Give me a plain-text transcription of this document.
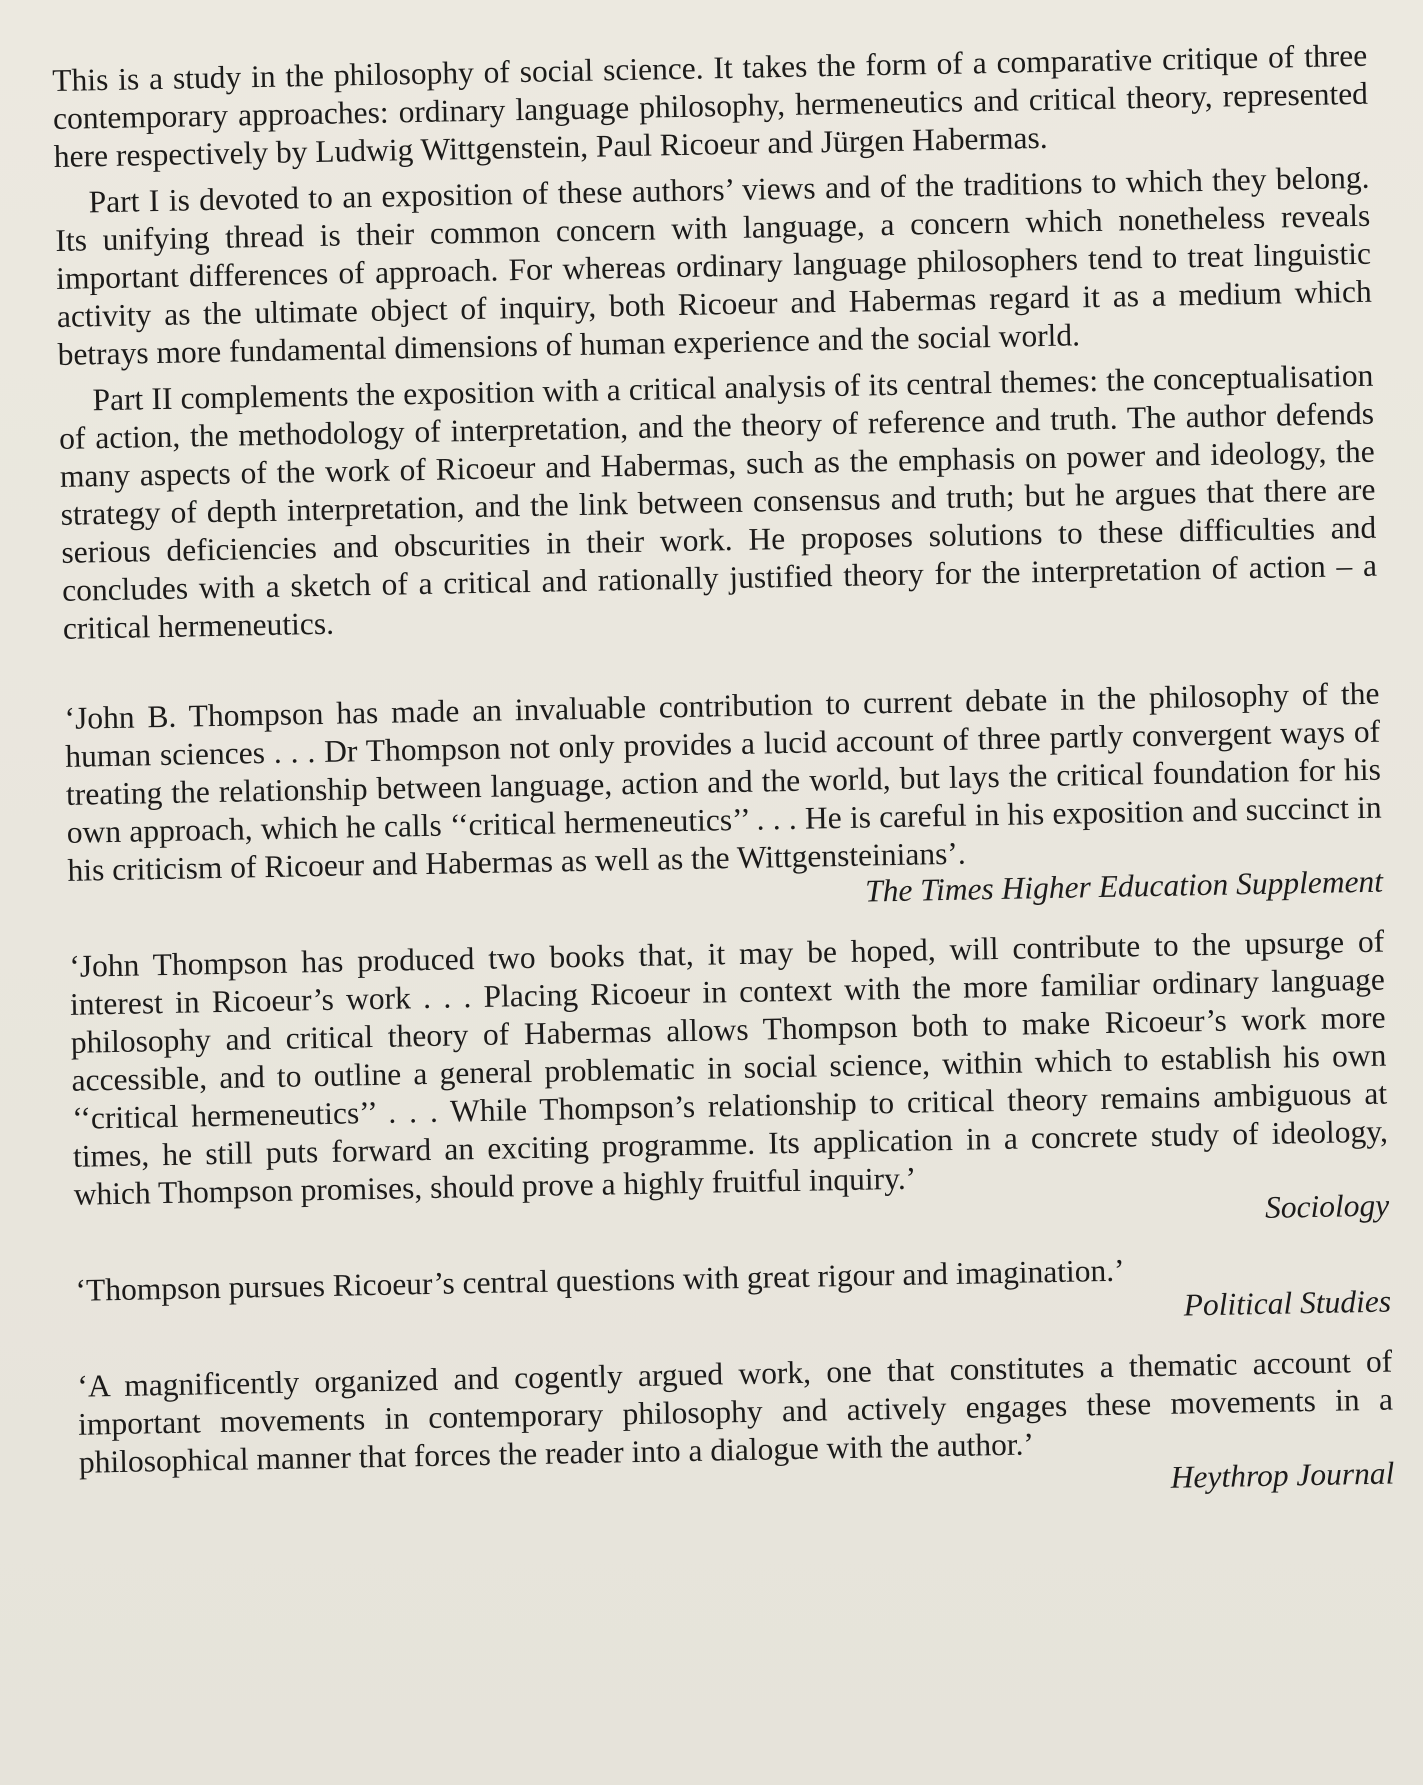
This is a study in the philosophy of social science. It takes the form of a comparative critique of three contemporary approaches: ordinary language philosophy, hermeneutics and critical theory, represented here respectively by Ludwig Wittgenstein, Paul Ricoeur and Jürgen Habermas.

Part I is devoted to an exposition of these authors’ views and of the traditions to which they belong. Its unifying thread is their common concern with language, a concern which nonetheless reveals important differences of approach. For whereas ordinary language philosophers tend to treat linguistic activity as the ultimate object of inquiry, both Ricoeur and Habermas regard it as a medium which betrays more fundamental dimensions of human experience and the social world.

Part II complements the exposition with a critical analysis of its central themes: the conceptualisation of action, the methodology of interpretation, and the theory of reference and truth. The author defends many aspects of the work of Ricoeur and Habermas, such as the emphasis on power and ideology, the strategy of depth interpretation, and the link between consensus and truth; but he argues that there are serious deficiencies and obscurities in their work. He proposes solutions to these difficulties and concludes with a sketch of a critical and rationally justified theory for the interpretation of action – a critical hermeneutics.

‘John B. Thompson has made an invaluable contribution to current debate in the philosophy of the human sciences . . . Dr Thompson not only provides a lucid account of three partly convergent ways of treating the relationship between language, action and the world, but lays the critical foundation for his own approach, which he calls ‘‘critical hermeneutics’’ . . . He is careful in his exposition and succinct in his criticism of Ricoeur and Habermas as well as the Wittgensteinians’.

The Times Higher Education Supplement

‘John Thompson has produced two books that, it may be hoped, will contribute to the upsurge of interest in Ricoeur’s work . . . Placing Ricoeur in context with the more familiar ordinary language philosophy and critical theory of Habermas allows Thompson both to make Ricoeur’s work more accessible, and to outline a general problematic in social science, within which to establish his own ‘‘critical hermeneutics’’ . . . While Thompson’s relationship to critical theory remains ambiguous at times, he still puts forward an exciting programme. Its application in a concrete study of ideology, which Thompson promises, should prove a highly fruitful inquiry.’	Sociology

‘Thompson pursues Ricoeur’s central questions with great rigour and imagination.’	Political Studies

‘A magnificently organized and cogently argued work, one that constitutes a thematic account of important movements in contemporary philosophy and actively engages these movements in a philosophical manner that forces the reader into a dialogue with the author.’	Heythrop Journal
